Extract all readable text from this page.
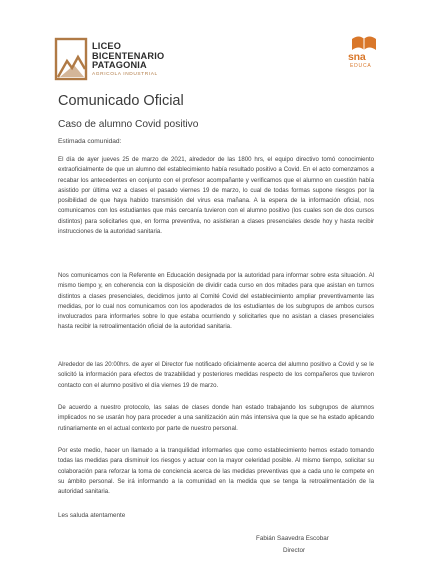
LICEO
BICENTENARIO
PATAGONIA
AGRICOLA INDUSTRIAL
sna
EDUCA
Comunicado Oficial
Caso de alumno Covid positivo
Estimada comunidad:

El día de ayer jueves 25 de marzo de 2021, alrededor de las 1800 hrs, el equipo directivo tomó conocimiento extraoficialmente de que un alumno del establecimiento había resultado positivo a Covid. En el acto comenzamos a recabar los antecedentes en conjunto con el profesor acompañante y verificamos que el alumno en cuestión había asistido por última vez a clases el pasado viernes 19 de marzo, lo cual de todas formas supone riesgos por la posibilidad de que haya habido transmisión del virus esa mañana. A la espera de la información oficial, nos comunicamos con los estudiantes que más cercanía tuvieron con el alumno positivo (los cuales son de dos cursos distintos) para solicitarles que, en forma preventiva, no asistieran a clases presenciales desde hoy y hasta recibir instrucciones de la autoridad sanitaria.

Nos comunicamos con la Referente en Educación designada por la autoridad para informar sobre esta situación. Al mismo tiempo y, en coherencia con la disposición de dividir cada curso en dos mitades para que asistan en turnos distintos a clases presenciales, decidimos junto al Comité Covid del establecimiento ampliar preventivamente las medidas, por lo cual nos comunicamos con los apoderados de los estudiantes de los subgrupos de ambos cursos involucrados para informarles sobre lo que estaba ocurriendo y solicitarles que no asistan a clases presenciales hasta recibir la retroalimentación oficial de la autoridad sanitaria.

Alrededor de las 20:00hrs. de ayer el Director fue notificado oficialmente acerca del alumno positivo a Covid y se le solicitó la información para efectos de trazabilidad y posteriores medidas respecto de los compañeros que tuvieron contacto con el alumno positivo el día viernes 19 de marzo.

De acuerdo a nuestro protocolo, las salas de clases donde han estado trabajando los subgrupos de alumnos implicados no se usarán hoy para proceder a una sanitización aún más intensiva que la que se ha estado aplicando rutinariamente en el actual contexto por parte de nuestro personal.

Por este medio, hacer un llamado a la tranquilidad informarles que como establecimiento hemos estado tomando todas las medidas para disminuir los riesgos y actuar con la mayor celeridad posible. Al mismo tiempo, solicitar su colaboración para reforzar la toma de conciencia acerca de las medidas preventivas que a cada uno le compete en su ámbito personal. Se irá informando a la comunidad en la medida que se tenga la retroalimentación de la autoridad sanitaria.

Les saluda atentamente
Fabián Saavedra Escobar
Director
